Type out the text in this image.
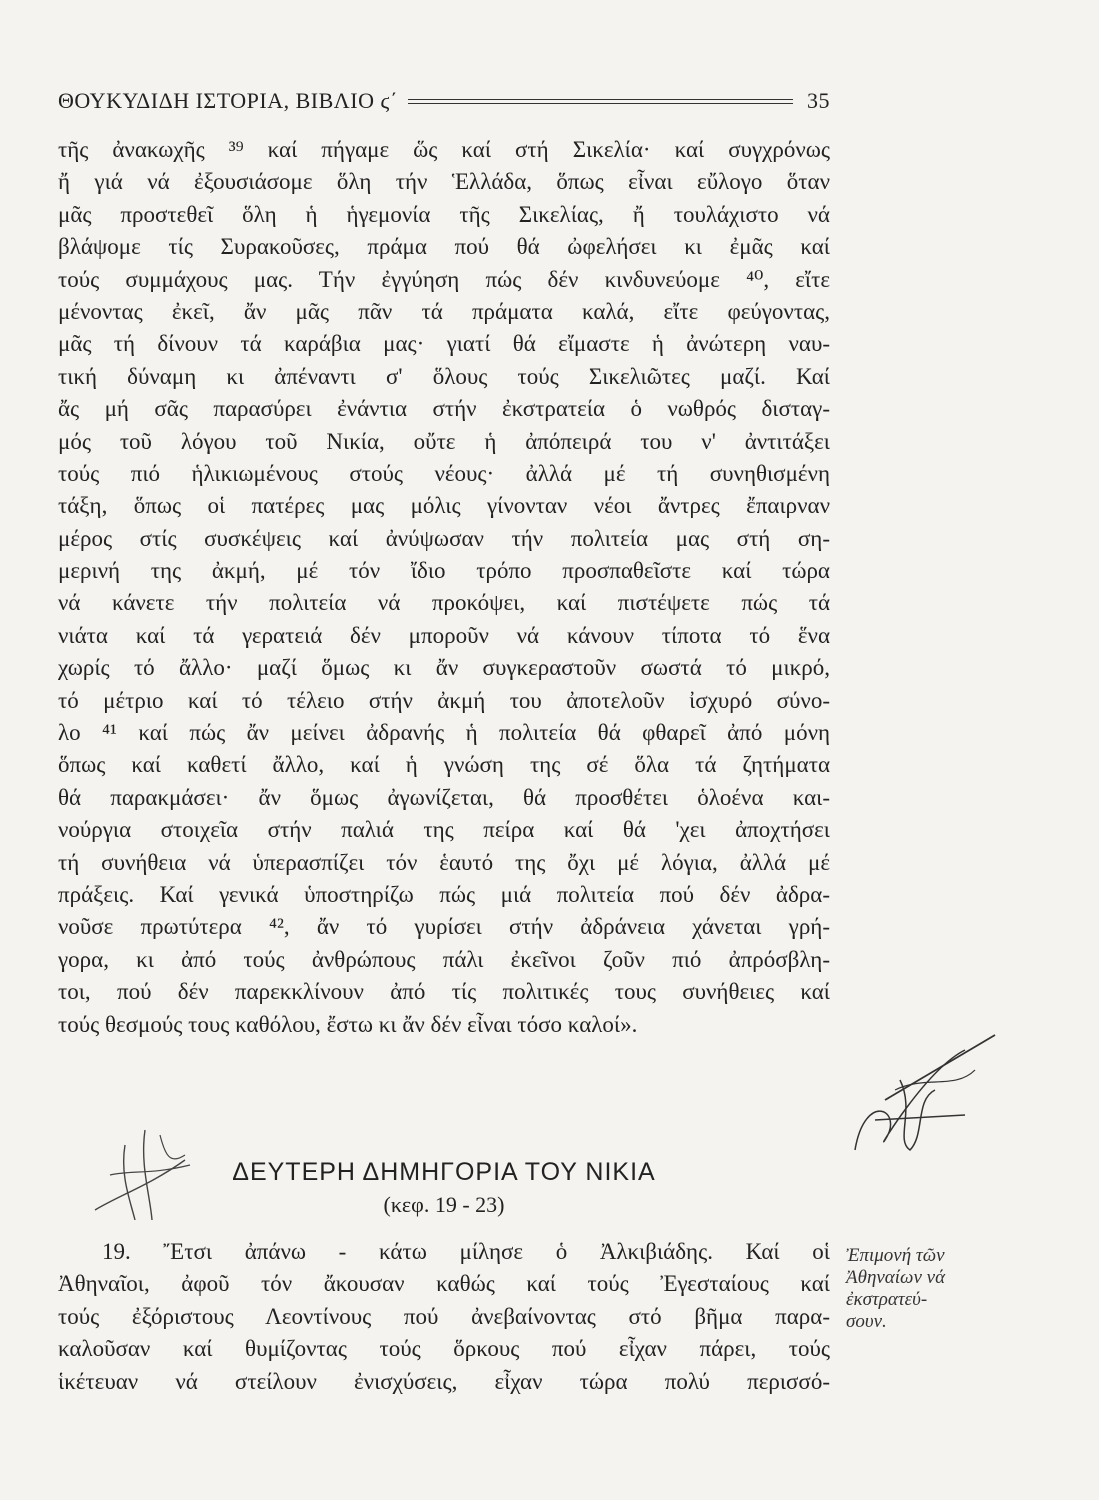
ΘΟΥΚΥΔΙΔΗ ΙΣΤΟΡΙΑ, ΒΙΒΛΙΟ ϛ΄	35
τῆς ἀνακωχῆς ³⁹ καί πήγαμε ὥς καί στή Σικελία· καί συγχρόνως
ἤ γιά νά ἐξουσιάσομε ὅλη τήν Ἑλλάδα, ὅπως εἶναι εὔλογο ὅταν
μᾶς προστεθεῖ ὅλη ἡ ἡγεμονία τῆς Σικελίας, ἤ τουλάχιστο νά
βλάψομε τίς Συρακοῦσες, πράμα πού θά ὠφελήσει κι ἐμᾶς καί
τούς συμμάχους μας. Τήν ἐγγύηση πώς δέν κινδυνεύομε ⁴⁰, εἴτε
μένοντας ἐκεῖ, ἄν μᾶς πᾶν τά πράματα καλά, εἴτε φεύγοντας,
μᾶς τή δίνουν τά καράβια μας· γιατί θά εἴμαστε ἡ ἀνώτερη ναυ-
τική δύναμη κι ἀπέναντι σ' ὅλους τούς Σικελιῶτες μαζί. Καί
ἄς μή σᾶς παρασύρει ἐνάντια στήν ἐκστρατεία ὁ νωθρός δισταγ-
μός τοῦ λόγου τοῦ Νικία, οὔτε ἡ ἀπόπειρά του ν' ἀντιτάξει
τούς πιό ἡλικιωμένους στούς νέους· ἀλλά μέ τή συνηθισμένη
τάξη, ὅπως οἱ πατέρες μας μόλις γίνονταν νέοι ἄντρες ἔπαιρναν
μέρος στίς συσκέψεις καί ἀνύψωσαν τήν πολιτεία μας στή ση-
μερινή της ἀκμή, μέ τόν ἴδιο τρόπο προσπαθεῖστε καί τώρα
νά κάνετε τήν πολιτεία νά προκόψει, καί πιστέψετε πώς τά
νιάτα καί τά γερατειά δέν μποροῦν νά κάνουν τίποτα τό ἕνα
χωρίς τό ἄλλο· μαζί ὅμως κι ἄν συγκεραστοῦν σωστά τό μικρό,
τό μέτριο καί τό τέλειο στήν ἀκμή του ἀποτελοῦν ἰσχυρό σύνο-
λο ⁴¹ καί πώς ἄν μείνει ἀδρανής ἡ πολιτεία θά φθαρεῖ ἀπό μόνη
ὅπως καί καθετί ἄλλο, καί ἡ γνώση της σέ ὅλα τά ζητήματα
θά παρακμάσει· ἄν ὅμως ἀγωνίζεται, θά προσθέτει ὁλοένα και-
νούργια στοιχεῖα στήν παλιά της πείρα καί θά 'χει ἀποχτήσει
τή συνήθεια νά ὑπερασπίζει τόν ἑαυτό της ὄχι μέ λόγια, ἀλλά μέ
πράξεις. Καί γενικά ὑποστηρίζω πώς μιά πολιτεία πού δέν ἀδρα-
νοῦσε πρωτύτερα ⁴², ἄν τό γυρίσει στήν ἀδράνεια χάνεται γρή-
γορα, κι ἀπό τούς ἀνθρώπους πάλι ἐκεῖνοι ζοῦν πιό ἀπρόσβλη-
τοι, πού δέν παρεκκλίνουν ἀπό τίς πολιτικές τους συνήθειες καί
τούς θεσμούς τους καθόλου, ἔστω κι ἄν δέν εἶναι τόσο καλοί».
ΔΕΥΤΕΡΗ ΔΗΜΗΓΟΡΙΑ ΤΟΥ ΝΙΚΙΑ
(κεφ. 19 - 23)
19. Ἔτσι ἀπάνω - κάτω μίλησε ὁ Ἀλκιβιάδης. Καί οἱ
Ἀθηναῖοι, ἀφοῦ τόν ἄκουσαν καθώς καί τούς Ἐγεσταίους καί
τούς ἐξόριστους Λεοντίνους πού ἀνεβαίνοντας στό βῆμα παρα-
καλοῦσαν καί θυμίζοντας τούς ὅρκους πού εἶχαν πάρει, τούς
ἱκέτευαν νά στείλουν ἐνισχύσεις, εἶχαν τώρα πολύ περισσό-
Ἐπιμονή τῶν
Ἀθηναίων νά
ἐκστρατεύ-
σουν.
